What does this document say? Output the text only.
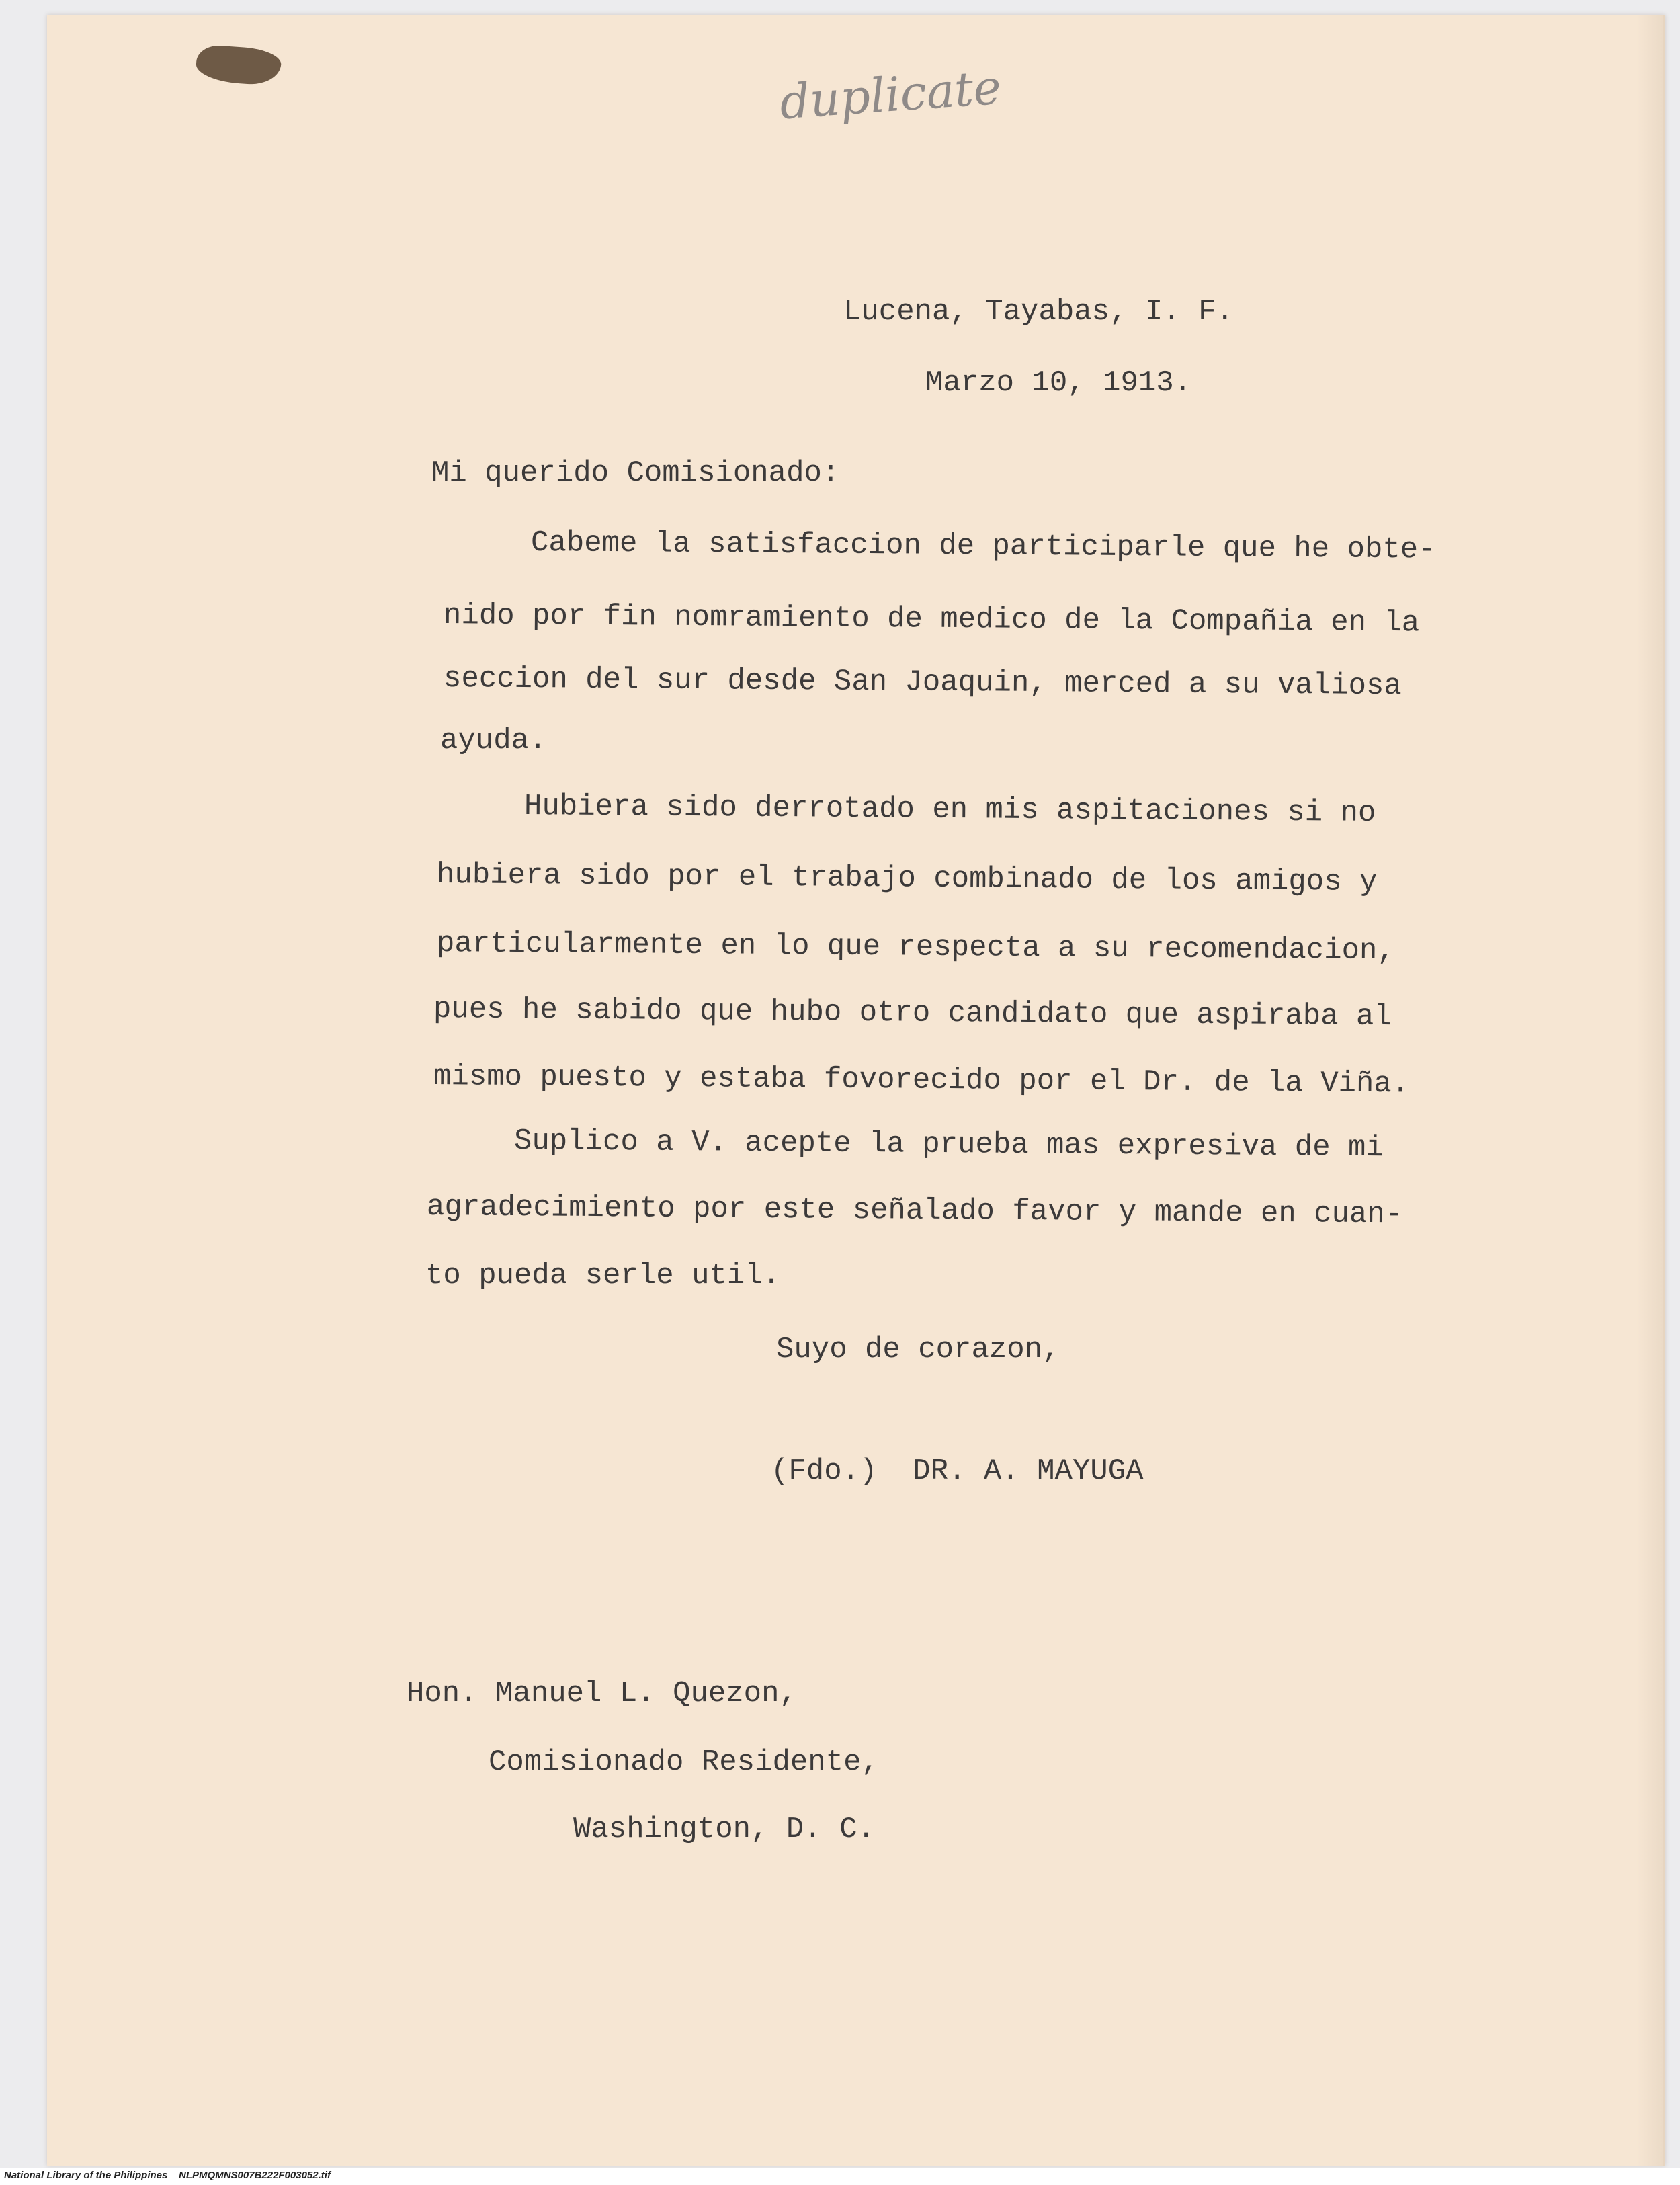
duplicate

Lucena, Tayabas, I. F.

Marzo 10, 1913.

Mi querido Comisionado:

Cabeme la satisfaccion de participarle que he obte-

nido por fin nomramiento de medico de la Compañia en la

seccion del sur desde San Joaquin, merced a su valiosa

ayuda.

Hubiera sido derrotado en mis aspitaciones si no

hubiera sido por el trabajo combinado de los amigos y

particularmente en lo que respecta a su recomendacion,

pues he sabido que hubo otro candidato que aspiraba al

mismo puesto y estaba fovorecido por el Dr. de la Viña.

Suplico a V. acepte la prueba mas expresiva de mi

agradecimiento por este señalado favor y mande en cuan-

to pueda serle util.

Suyo de corazon,

(Fdo.)  DR. A. MAYUGA

Hon. Manuel L. Quezon,

Comisionado Residente,

Washington, D. C.

National Library of the Philippines NLPMQMNS007B222F003052.tif
